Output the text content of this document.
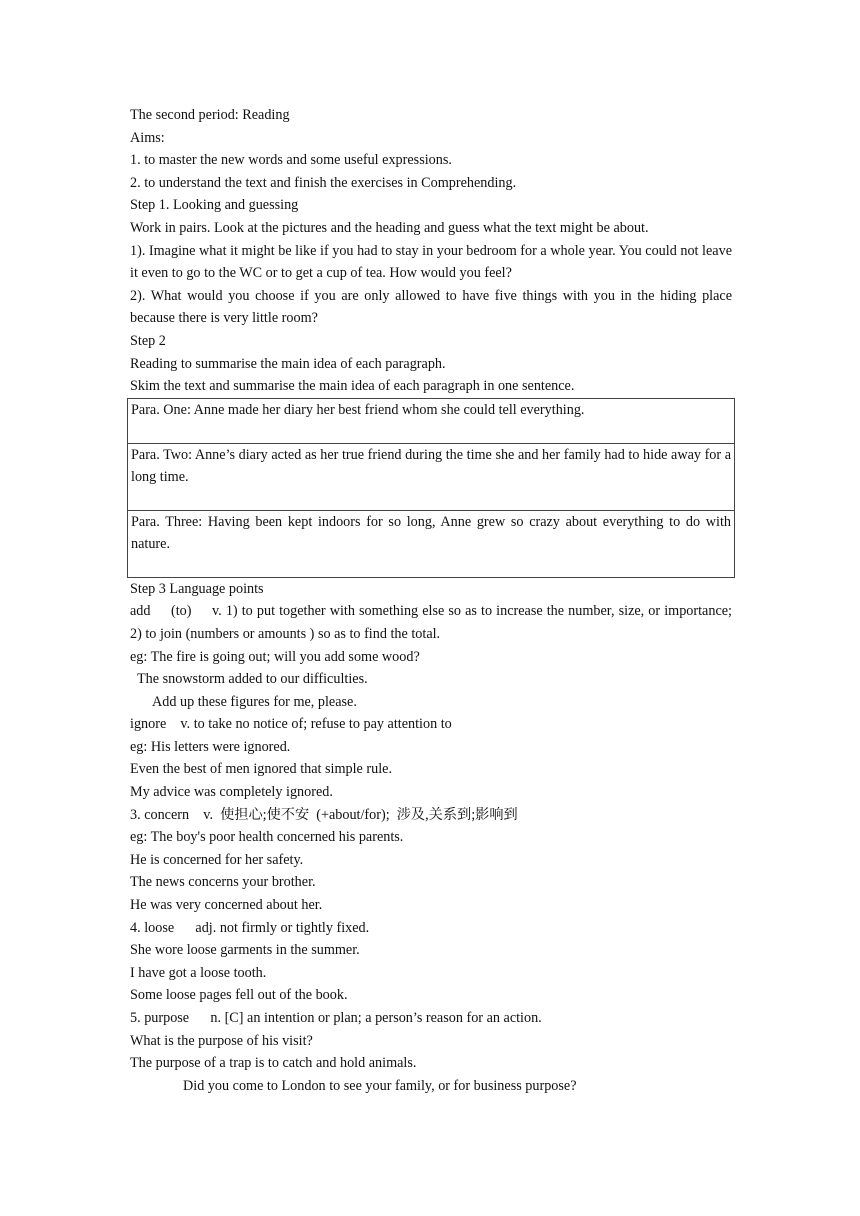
The second period: Reading
Aims:
1. to master the new words and some useful expressions.
2. to understand the text and finish the exercises in Comprehending.
Step 1. Looking and guessing
Work in pairs. Look at the pictures and the heading and guess what the text might be about.
1). Imagine what it might be like if you had to stay in your bedroom for a whole year. You could not leave it even to go to the WC or to get a cup of tea. How would you feel?
2). What would you choose if you are only allowed to have five things with you in the hiding place because there is very little room?
Step 2
Reading to summarise the main idea of each paragraph.
Skim the text and summarise the main idea of each paragraph in one sentence.
Para. One: Anne made her diary her best friend whom she could tell everything.
Para. Two: Anne’s diary acted as her true friend during the time she and her family had to hide away for a long time.
Para. Three: Having been kept indoors for so long, Anne grew so crazy about everything to do with nature.
Step 3 Language points
add     (to)     v. 1) to put together with something else so as to increase the number, size, or importance;    2) to join (numbers or amounts ) so as to find the total.
eg: The fire is going out; will you add some wood?
The snowstorm added to our difficulties.
Add up these figures for me, please.
ignore    v. to take no notice of; refuse to pay attention to
eg: His letters were ignored.
Even the best of men ignored that simple rule.
My advice was completely ignored.
3. concern    v.  使担心;使不安  (+about/for);  涉及,关系到;影响到
eg: The boy's poor health concerned his parents.
He is concerned for her safety.
The news concerns your brother.
He was very concerned about her.
4. loose      adj. not firmly or tightly fixed.
She wore loose garments in the summer.
I have got a loose tooth.
Some loose pages fell out of the book.
5. purpose      n. [C] an intention or plan; a person’s reason for an action.
What is the purpose of his visit?
The purpose of a trap is to catch and hold animals.
Did you come to London to see your family, or for business purpose?
